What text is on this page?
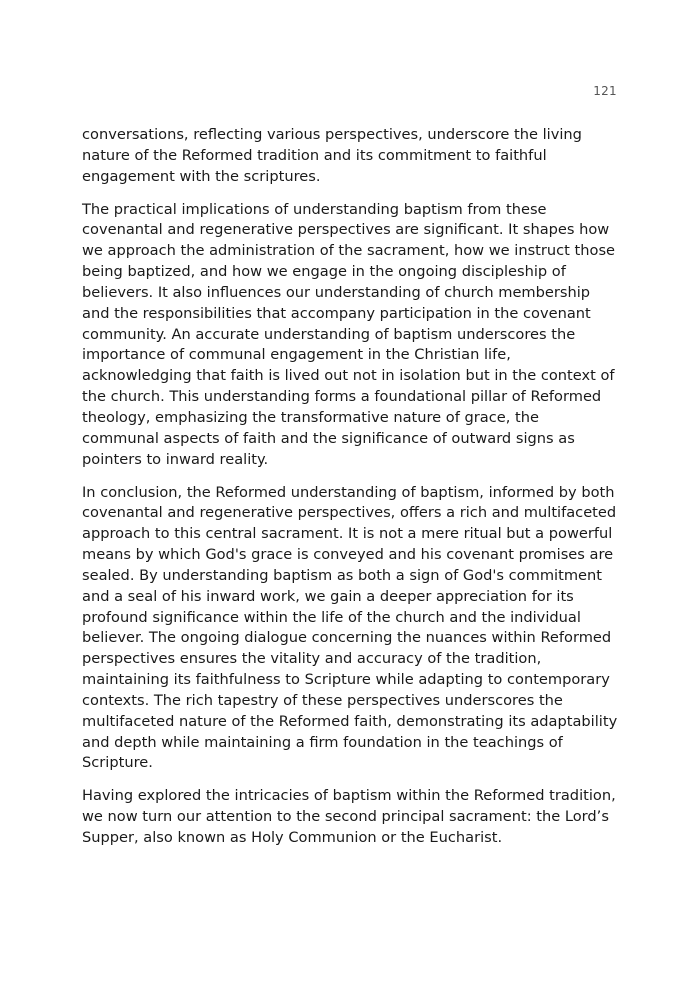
121

conversations, reflecting various perspectives, underscore the living nature of the Reformed tradition and its commitment to faithful engagement with the scriptures.

The practical implications of understanding baptism from these covenantal and regenerative perspectives are significant. It shapes how we approach the administration of the sacrament, how we instruct those being baptized, and how we engage in the ongoing discipleship of believers. It also influences our understanding of church membership and the responsibilities that accompany participation in the covenant community. An accurate understanding of baptism underscores the importance of communal engagement in the Christian life, acknowledging that faith is lived out not in isolation but in the context of the church. This understanding forms a foundational pillar of Reformed theology, emphasizing the transformative nature of grace, the communal aspects of faith and the significance of outward signs as pointers to inward reality.

In conclusion, the Reformed understanding of baptism, informed by both covenantal and regenerative perspectives, offers a rich and multifaceted approach to this central sacrament. It is not a mere ritual but a powerful means by which God's grace is conveyed and his covenant promises are sealed. By understanding baptism as both a sign of God's commitment and a seal of his inward work, we gain a deeper appreciation for its profound significance within the life of the church and the individual believer. The ongoing dialogue concerning the nuances within Reformed perspectives ensures the vitality and accuracy of the tradition, maintaining its faithfulness to Scripture while adapting to contemporary contexts. The rich tapestry of these perspectives underscores the multifaceted nature of the Reformed faith, demonstrating its adaptability and depth while maintaining a firm foundation in the teachings of Scripture.

Having explored the intricacies of baptism within the Reformed tradition, we now turn our attention to the second principal sacrament: the Lord’s Supper, also known as Holy Communion or the Eucharist.
